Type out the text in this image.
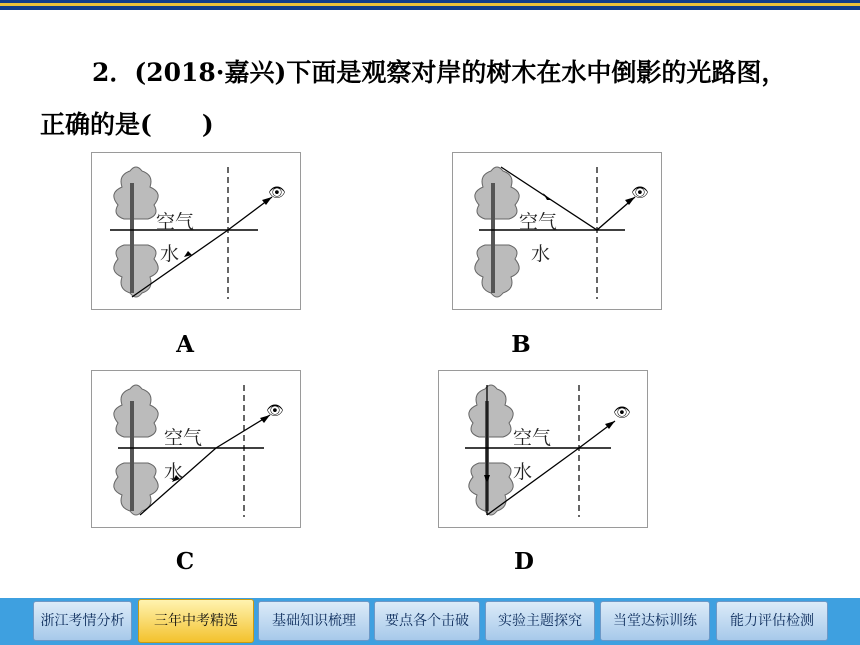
2．(2018·嘉兴)下面是观察对岸的树木在水中倒影的光路图，
正确的是(　　)
👁
空气
水
A
👁
空气
水
B
👁
空气
水
C
👁
空气
水
D
浙江考情分析	三年中考精选	基础知识梳理	要点各个击破	实验主题探究	当堂达标训练	能力评估检测
